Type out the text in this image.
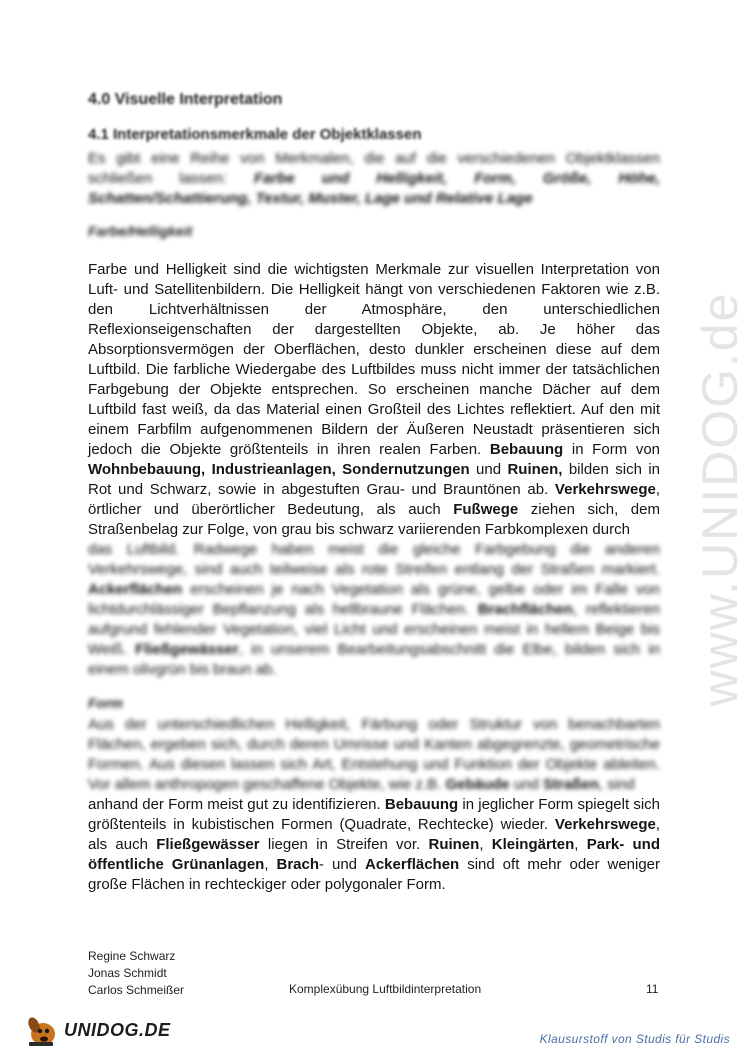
www.UNIDOG.de
4.0 Visuelle Interpretation
4.1 Interpretationsmerkmale der Objektklassen
Es gibt eine Reihe von Merkmalen, die auf die verschiedenen Objektklassen schließen lassen: Farbe und Helligkeit, Form, Größe, Höhe, Schatten/Schattierung, Textur, Muster, Lage und Relative Lage
Farbe/Helligkeit
Farbe und Helligkeit sind die wichtigsten Merkmale zur visuellen Interpretation von Luft- und Satellitenbildern. Die Helligkeit hängt von verschiedenen Faktoren wie z.B. den Lichtverhältnissen der Atmosphäre, den unterschiedlichen Reflexionseigenschaften der dargestellten Objekte, ab. Je höher das Absorptionsvermögen der Oberflächen, desto dunkler erscheinen diese auf dem Luftbild. Die farbliche Wiedergabe des Luftbildes muss nicht immer der tatsächlichen Farbgebung der Objekte entsprechen. So erscheinen manche Dächer auf dem Luftbild fast weiß, da das Material einen Großteil des Lichtes reflektiert. Auf den mit einem Farbfilm aufgenommenen Bildern der Äußeren Neustadt präsentieren sich jedoch die Objekte größtenteils in ihren realen Farben. Bebauung in Form von Wohnbebauung, Industrieanlagen, Sondernutzungen und Ruinen, bilden sich in Rot und Schwarz, sowie in abgestuften Grau- und Brauntönen ab. Verkehrswege, örtlicher und überörtlicher Bedeutung, als auch Fußwege ziehen sich, dem Straßenbelag zur Folge, von grau bis schwarz variierenden Farbkomplexen durch
das Luftbild. Radwege haben meist die gleiche Farbgebung die anderen Verkehrswege, sind auch teilweise als rote Streifen entlang der Straßen markiert. Ackerflächen erscheinen je nach Vegetation als grüne, gelbe oder im Falle von lichtdurchlässiger Bepflanzung als hellbraune Flächen. Brachflächen, reflektieren aufgrund fehlender Vegetation, viel Licht und erscheinen meist in hellem Beige bis Weiß. Fließgewässer, in unserem Bearbeitungsabschnitt die Elbe, bilden sich in einem olivgrün bis braun ab.
Form
Aus der unterschiedlichen Helligkeit, Färbung oder Struktur von benachbarten Flächen, ergeben sich, durch deren Umrisse und Kanten abgegrenzte, geometrische Formen. Aus diesen lassen sich Art, Entstehung und Funktion der Objekte ableiten. Vor allem anthropogen geschaffene Objekte, wie z.B. Gebäude und Straßen, sind
anhand der Form meist gut zu identifizieren. Bebauung in jeglicher Form spiegelt sich größtenteils in kubistischen Formen (Quadrate, Rechtecke) wieder. Verkehrswege, als auch Fließgewässer liegen in Streifen vor. Ruinen, Kleingärten, Park- und öffentliche Grünanlagen, Brach- und Ackerflächen sind oft mehr oder weniger große Flächen in rechteckiger oder polygonaler Form.
Regine Schwarz
Jonas Schmidt
Carlos Schmeißer	Komplexübung Luftbildinterpretation	11
UNIDOG.DE	Klausurstoff von Studis für Studis
